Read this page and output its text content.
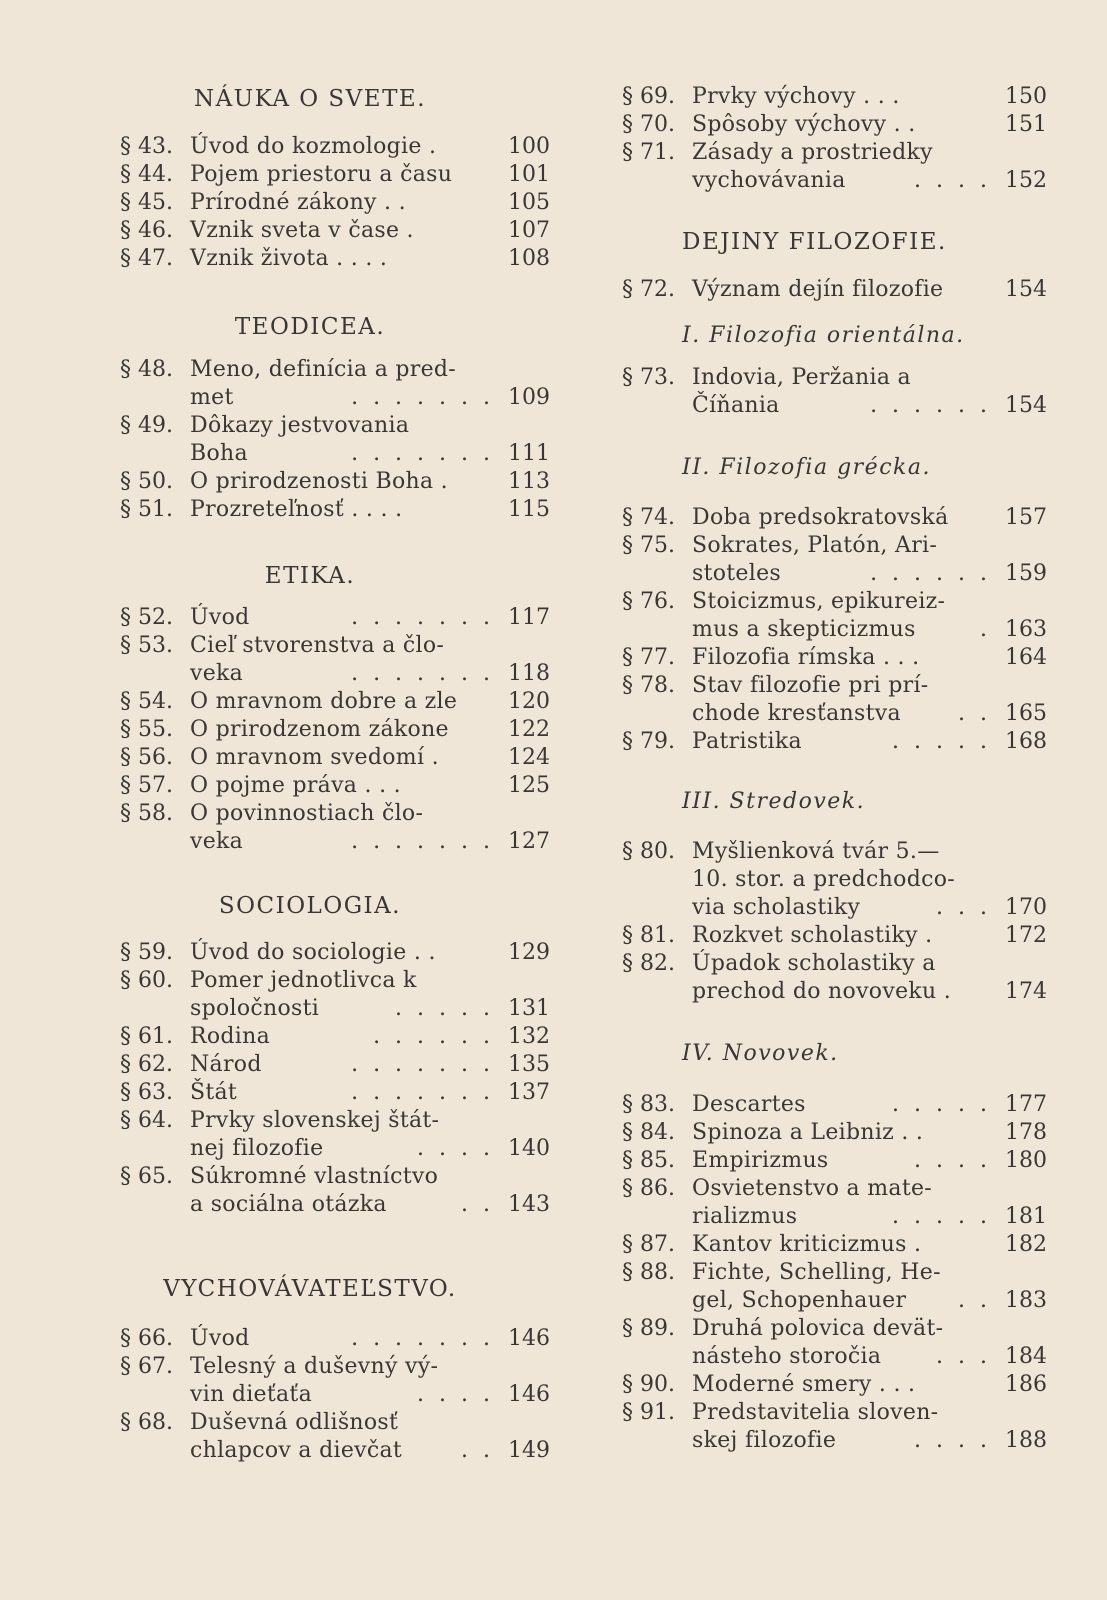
NÁUKA O SVETE.
§ 43. Úvod do kozmologie .	100
§ 44. Pojem priestoru a času	101
§ 45. Prírodné zákony . .	105
§ 46. Vznik sveta v čase .	107
§ 47. Vznik života . . . .	108
TEODICEA.
§ 48. Meno, definícia a pred-
met	. . . . . . . 109
§ 49. Dôkazy jestvovania
Boha	. . . . . . . 111
§ 50. O prirodzenosti Boha .	113
§ 51. Prozreteľnosť . . . .	115
ETIKA.
§ 52. Úvod	. . . . . . . 117
§ 53. Cieľ stvorenstva a člo-
veka	. . . . . . . 118
§ 54. O mravnom dobre a zle	120
§ 55. O prirodzenom zákone	122
§ 56. O mravnom svedomí .	124
§ 57. O pojme práva . . .	125
§ 58. O povinnostiach člo-
veka	. . . . . . . 127
SOCIOLOGIA.
§ 59. Úvod do sociologie . .	129
§ 60. Pomer jednotlivca k
spoločnosti	. . . . . 131
§ 61. Rodina	. . . . . . 132
§ 62. Národ	. . . . . . . 135
§ 63. Štát	. . . . . . . 137
§ 64. Prvky slovenskej štát-
nej filozofie	. . . . 140
§ 65. Súkromné vlastníctvo
a sociálna otázka	. . 143
VYCHOVÁVATEĽSTVO.
§ 66. Úvod	. . . . . . . 146
§ 67. Telesný a duševný vý-
vin dieťaťa	. . . . 146
§ 68. Duševná odlišnosť
chlapcov a dievčat	. . 149
§ 69. Prvky výchovy . . .	150
§ 70. Spôsoby výchovy . .	151
§ 71. Zásady a prostriedky
vychovávania	. . . . 152
DEJINY FILOZOFIE.
§ 72. Význam dejín filozofie	154
I. Filozofia orientálna.
§ 73. Indovia, Peržania a
Číňania	. . . . . . 154
II. Filozofia grécka.
§ 74. Doba predsokratovská	157
§ 75. Sokrates, Platón, Ari-
stoteles	. . . . . . 159
§ 76. Stoicizmus, epikureiz-
mus a skepticizmus	. 163
§ 77. Filozofia rímska . . .	164
§ 78. Stav filozofie pri prí-
chode kresťanstva	. . 165
§ 79. Patristika	. . . . . 168
III. Stredovek.
§ 80. Myšlienková tvár 5.—
10. stor. a predchodco-
via scholastiky	. . . 170
§ 81. Rozkvet scholastiky .	172
§ 82. Úpadok scholastiky a
prechod do novoveku .	174
IV. Novovek.
§ 83. Descartes	. . . . . 177
§ 84. Spinoza a Leibniz . .	178
§ 85. Empirizmus	. . . . 180
§ 86. Osvietenstvo a mate-
rializmus	. . . . . 181
§ 87. Kantov kriticizmus .	182
§ 88. Fichte, Schelling, He-
gel, Schopenhauer . . 183
§ 89. Druhá polovica devät-
násteho storočia . . . 184
§ 90. Moderné smery . . .	186
§ 91. Predstavitelia sloven-
skej filozofie	. . . . 188
